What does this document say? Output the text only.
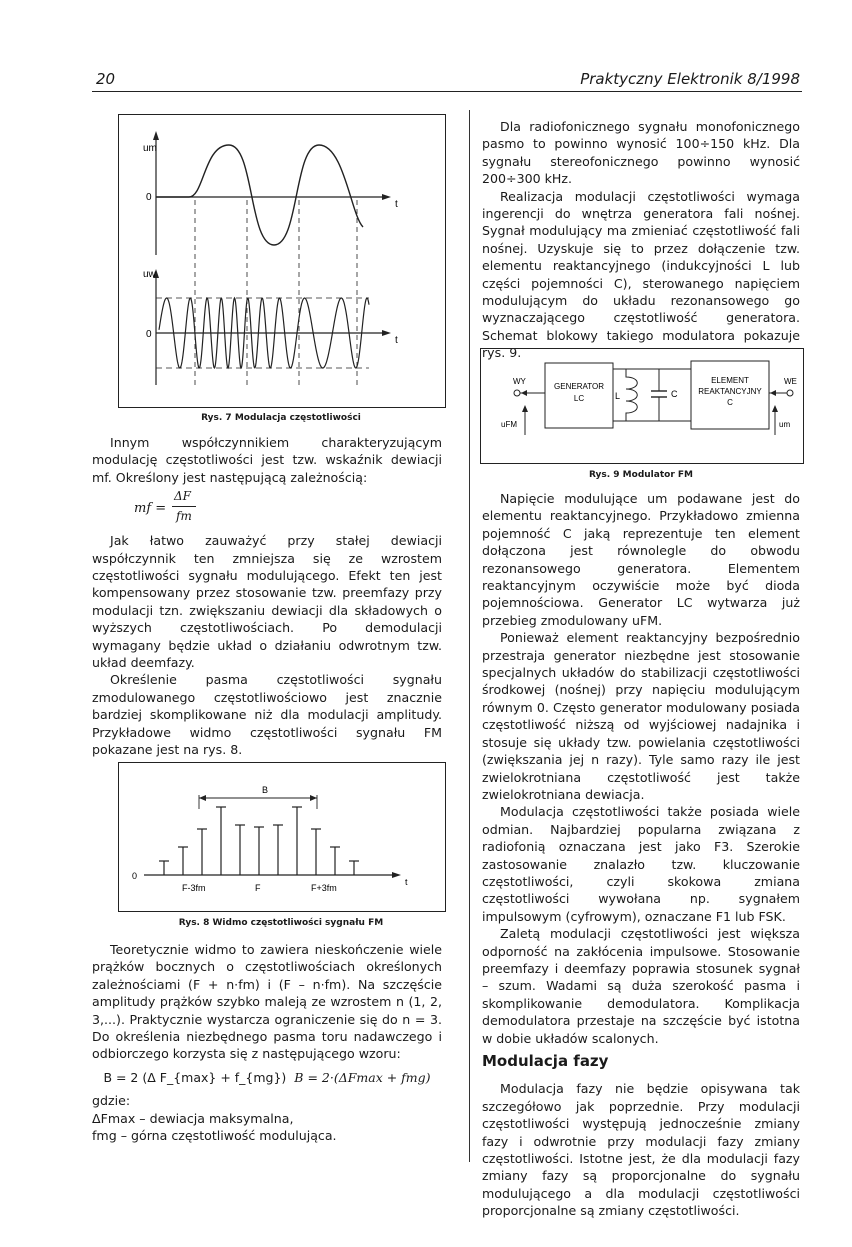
20	Praktyczny Elektronik 8/1998
um
0
t
uw
0
t
Rys. 7 Modulacja częstotliwości

Innym współczynnikiem charakteryzującym modulację częstotliwości jest tzw. wskaźnik dewiacji mf. Określony jest następującą zależnością:

mf =
ΔF
fm

Jak łatwo zauważyć przy stałej dewiacji współczynnik ten zmniejsza się ze wzrostem częstotliwości sygnału modulującego. Efekt ten jest kompensowany przez stosowanie tzw. preemfazy przy modulacji tzn. zwiększaniu dewiacji dla składowych o wyższych częstotliwościach. Po demodulacji wymagany będzie układ o działaniu odwrotnym tzw. układ deemfazy.

Określenie pasma częstotliwości sygnału zmodulowanego częstotliwościowo jest znacznie bardziej skomplikowane niż dla modulacji amplitudy. Przykładowe widmo częstotliwości sygnału FM pokazane jest na rys. 8.

B
0
t
F-3fm	F	F+3fm
Rys. 8 Widmo częstotliwości sygnału FM

Teoretycznie widmo to zawiera nieskończenie wiele prążków bocznych o częstotliwościach określonych zależnościami (F + n·fm) i (F – n·fm). Na szczęście amplitudy prążków szybko maleją ze wzrostem n (1, 2, 3,...). Praktycznie wystarcza ograniczenie się do n = 3. Do określenia niezbędnego pasma toru nadawczego i odbiorczego korzysta się z następującego wzoru:

B = 2 (Δ F_{max} + f_{mg}) B = 2·(ΔFmax + fmg)
gdzie:
ΔFmax – dewiacja maksymalna,
fmg – górna częstotliwość modulująca.

Dla radiofonicznego sygnału monofonicznego pasmo to powinno wynosić 100÷150 kHz. Dla sygnału stereofonicznego powinno wynosić 200÷300 kHz.

Realizacja modulacji częstotliwości wymaga ingerencji do wnętrza generatora fali nośnej. Sygnał modulujący ma zmieniać częstotliwość fali nośnej. Uzyskuje się to przez dołączenie tzw. elementu reaktancyjnego (indukcyjności L lub części pojemności C), sterowanego napięciem modulującym do układu rezonansowego go wyznaczającego częstotliwość generatora. Schemat blokowy takiego modulatora pokazuje rys. 9.

WY
GENERATOR
LC
uFM
L	C
ELEMENT
REAKTANCYJNY
C
WE
um
Rys. 9 Modulator FM

Napięcie modulujące um podawane jest do elementu reaktancyjnego. Przykładowo zmienna pojemność C jaką reprezentuje ten element dołączona jest równolegle do obwodu rezonansowego generatora. Elementem reaktancyjnym oczywiście może być dioda pojemnościowa. Generator LC wytwarza już przebieg zmodulowany uFM.

Ponieważ element reaktancyjny bezpośrednio przestraja generator niezbędne jest stosowanie specjalnych układów do stabilizacji częstotliwości środkowej (nośnej) przy napięciu modulującym równym 0. Często generator modulowany posiada częstotliwość niższą od wyjściowej nadajnika i stosuje się układy tzw. powielania częstotliwości (zwiększania jej n razy). Tyle samo razy ile jest zwielokrotniana częstotliwość jest także zwielokrotniana dewiacja.

Modulacja częstotliwości także posiada wiele odmian. Najbardziej popularna związana z radiofonią oznaczana jest jako F3. Szerokie zastosowanie znalazło tzw. kluczowanie częstotliwości, czyli skokowa zmiana częstotliwości wywołana np. sygnałem impulsowym (cyfrowym), oznaczane F1 lub FSK.

Zaletą modulacji częstotliwości jest większa odporność na zakłócenia impulsowe. Stosowanie preemfazy i deemfazy poprawia stosunek sygnał – szum. Wadami są duża szerokość pasma i skomplikowanie demodulatora. Komplikacja demodulatora przestaje na szczęście być istotna w dobie układów scalonych.

Modulacja fazy

Modulacja fazy nie będzie opisywana tak szczegółowo jak poprzednie. Przy modulacji częstotliwości występują jednocześnie zmiany fazy i odwrotnie przy modulacji fazy zmiany częstotliwości. Istotne jest, że dla modulacji fazy zmiany fazy są proporcjonalne do sygnału modulującego a dla modulacji częstotliwości proporcjonalne są zmiany częstotliwości.
